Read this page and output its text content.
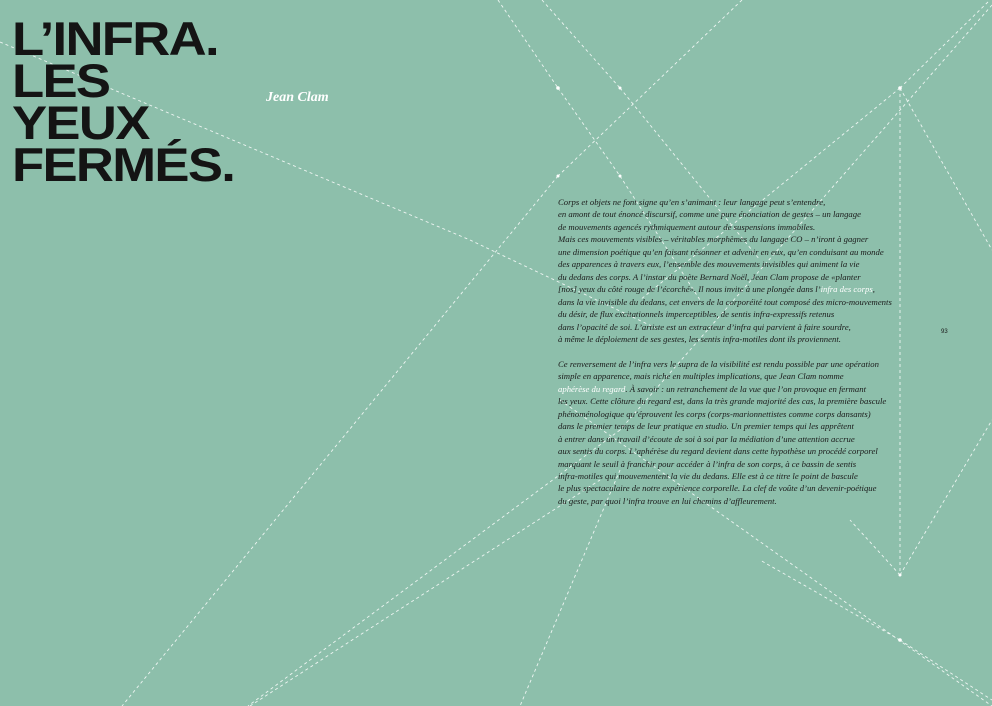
L’INFRA.
LES
YEUX
FERMÉS.
Jean Clam
Corps et objets ne font signe qu’en s’animant : leur langage peut s’entendre,
en amont de tout énoncé discursif, comme une pure énonciation de gestes – un langage
de mouvements agencés rythmiquement autour de suspensions immobiles.
Mais ces mouvements visibles – véritables morphèmes du langage CO – n’iront à gagner
une dimension poétique qu’en faisant résonner et advenir en eux, qu’en conduisant au monde
des apparences à travers eux, l’ensemble des mouvements invisibles qui animent la vie
du dedans des corps. A l’instar du poète Bernard Noël, Jean Clam propose de «planter
[nos] yeux du côté rouge de l’écorché». Il nous invite à une plongée dans l’infra des corps,
dans la vie invisible du dedans, cet envers de la corporéité tout composé des micro-mouvements
du désir, de flux excitationnels imperceptibles, de sentis infra-expressifs retenus
dans l’opacité de soi. L’artiste est un extracteur d’infra qui parvient à faire sourdre,
à même le déploiement de ses gestes, les sentis infra-motiles dont ils proviennent.
Ce renversement de l’infra vers le supra de la visibilité est rendu possible par une opération
simple en apparence, mais riche en multiples implications, que Jean Clam nomme
aphérèse du regard. À savoir : un retranchement de la vue que l’on provoque en fermant
les yeux. Cette clôture du regard est, dans la très grande majorité des cas, la première bascule
phénoménologique qu’éprouvent les corps (corps-marionnettistes comme corps dansants)
dans le premier temps de leur pratique en studio. Un premier temps qui les apprêtent
à entrer dans un travail d’écoute de soi à soi par la médiation d’une attention accrue
aux sentis du corps. L’aphérèse du regard devient dans cette hypothèse un procédé corporel
marquant le seuil à franchir pour accéder à l’infra de son corps, à ce bassin de sentis
infra-motiles qui mouvementent la vie du dedans. Elle est à ce titre le point de bascule
le plus spectaculaire de notre expérience corporelle. La clef de voûte d’un devenir-poétique
du geste, par quoi l’infra trouve en lui chemins d’affleurement.
93
